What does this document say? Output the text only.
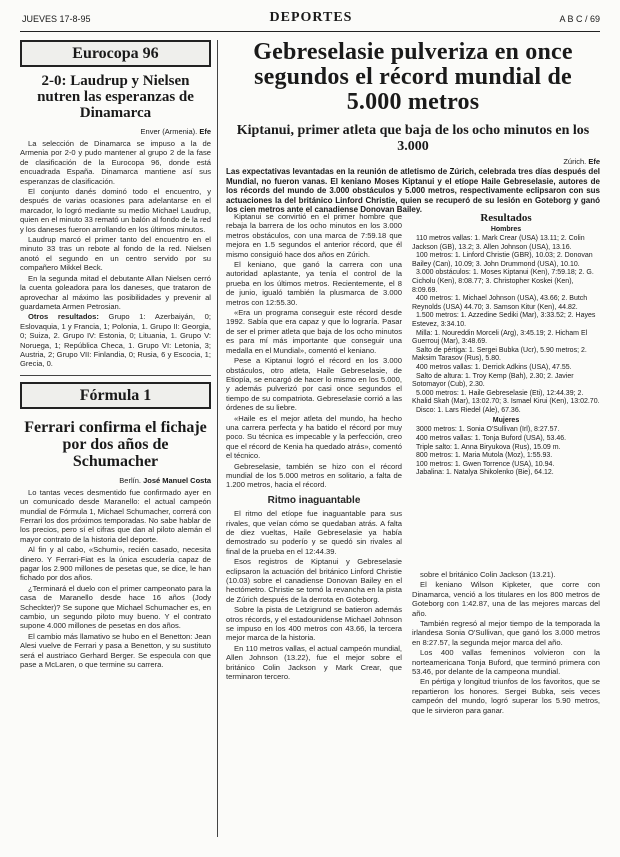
JUEVES 17-8-95	DEPORTES	A B C / 69
Eurocopa 96
2-0: Laudrup y Nielsen nutren las esperanzas de Dinamarca
Enver (Armenia). Efe

La selección de Dinamarca se impuso a la de Armenia por 2-0 y pudo mantener al grupo 2 de la fase de clasificación de la Eurocopa 96, donde está encuadrada España. Dinamarca mantiene así sus esperanzas de clasificación.

El conjunto danés dominó todo el encuentro, y después de varias ocasiones para adelantarse en el marcador, lo logró mediante su medio Michael Laudrup, quien en el minuto 33 remató un balón al fondo de la red y los daneses fueron arrollando en los últimos minutos.

Laudrup marcó el primer tanto del encuentro en el minuto 33 tras un rebote al fondo de la red. Nielsen anotó el segundo en un centro servido por su compañero Mikkel Beck.

En la segunda mitad el debutante Allan Nielsen cerró la cuenta goleadora para los daneses, que trataron de aprovechar al máximo las posibilidades y prevenir al guardameta Armen Petrosian.

Otros resultados: Grupo 1: Azerbaiyán, 0; Eslovaquia, 1 y Francia, 1; Polonia, 1. Grupo II: Georgia, 0; Suiza, 2. Grupo IV: Estonia, 0; Lituania, 1. Grupo V: Noruega, 1; República Checa, 1. Grupo VI: Letonia, 3; Austria, 2; Grupo VII: Finlandia, 0; Rusia, 6 y Escocia, 1; Grecia, 0.

Fórmula 1
Ferrari confirma el fichaje por dos años de Schumacher
Berlín. José Manuel Costa

Lo tantas veces desmentido fue confirmado ayer en un comunicado desde Maranello: el actual campeón mundial de Fórmula 1, Michael Schumacher, correrá con Ferrari los dos próximos temporadas. No sabe hablar de los precios, pero sí el cifras que dan al piloto alemán el mayor contrato de la historia del deporte.

Al fin y al cabo, «Schumi», recién casado, necesita dinero. Y Ferrari-Fiat es la única escudería capaz de pagar los 2.900 millones de pesetas que, se dice, le han fichado por dos años.

¿Terminará el duelo con el primer campeonato para la casa de Maranello desde hace 16 años (Jody Scheckter)? Se supone que Michael Schumacher es, en cambio, un segundo piloto muy bueno. Y el contrato supone 4.000 millones de pesetas en dos años.

El cambio más llamativo se hubo en el Benetton: Jean Alesi vuelve de Ferrari y pasa a Benetton, y su sustituto será el austriaco Gerhard Berger. Se especula con que pase a McLaren, o que termine su carrera.

Gebreselasie pulveriza en once segundos el récord mundial de 5.000 metros
Kiptanui, primer atleta que baja de los ocho minutos en los 3.000
Zúrich. Efe
Las expectativas levantadas en la reunión de atletismo de Zúrich, celebrada tres días después del Mundial, no fueron vanas. El keniano Moses Kiptanui y el etíope Haile Gebreselasie, autores de los récords del mundo de 3.000 obstáculos y 5.000 metros, respectivamente eclipsaron con sus actuaciones la del británico Linford Christie, quien se recuperó de su lesión en Goteborg y ganó los cien metros ante el canadiense Donovan Bailey.

Kiptanui se convirtió en el primer hombre que rebaja la barrera de los ocho minutos en los 3.000 metros obstáculos, con una marca de 7:59.18 que mejora en 1.5 segundos el anterior récord, que él mismo consiguió hace dos años en Zúrich.

El keniano, que ganó la carrera con una autoridad aplastante, ya tenía el control de la prueba en los últimos metros. Recientemente, el 8 de junio, igualó también la plusmarca de 3.000 metros con 12:55.30.

«Era un programa conseguir este récord desde 1992. Sabía que era capaz y que lo lograría. Pasar de ser el primer atleta que baja de los ocho minutos es para mí más importante que conseguir una medalla en el Mundial», comentó el keniano.

Pese a Kiptanui logró el récord en los 3.000 obstáculos, otro atleta, Haile Gebreselasie, de Etiopía, se encargó de hacer lo mismo en los 5.000, y además pulverizó por casi once segundos el tiempo de su compatriota. Gebreselasie corrió a las órdenes de su liebre.

«Haile es el mejor atleta del mundo, ha hecho una carrera perfecta y ha batido el récord por muy poco. Su técnica es impecable y la perfección, creo que el récord de Kenia ha quedado atrás», comentó el técnico.

Gebreselasie, también se hizo con el récord mundial de los 5.000 metros en solitario, a falta de 1.200 metros, hacia el récord.

Ritmo inaguantable

El ritmo del etíope fue inaguantable para sus rivales, que veían cómo se quedaban atrás. A falta de diez vueltas, Haile Gebreselasie ya había demostrado su poderío y se quedó sin rivales al final de la prueba en el 12:44.39.

Esos registros de Kiptanui y Gebreselasie eclipsaron la actuación del británico Linford Christie (10.03) sobre el canadiense Donovan Bailey en el hectómetro. Christie se tomó la revancha en la pista de Zúrich después de la derrota en Goteborg.

Sobre la pista de Letzigrund se batieron además otros récords, y el estadounidense Michael Johnson se impuso en los 400 metros con 43.66, la tercera mejor marca de la historia.

En 110 metros vallas, el actual campeón mundial, Allen Johnson (13.22), fue el mejor sobre el británico Colin Jackson y Mark Crear, que terminaron tercero.

Resultados
Hombres
110 metros vallas: 1. Mark Crear (USA) 13.11; 2. Colin Jackson (GB), 13.2; 3. Allen Johnson (USA), 13.16.
100 metros: 1. Linford Christie (GBR), 10.03; 2. Donovan Bailey (Can), 10.09; 3. John Drummond (USA), 10.10.
3.000 obstáculos: 1. Moses Kiptanui (Ken), 7:59.18; 2. G. Cicholu (Ken), 8:08.77; 3. Christopher Koskei (Ken), 8:09.69.
400 metros: 1. Michael Johnson (USA), 43.66; 2. Butch Reynolds (USA) 44.70; 3. Samson Kitur (Ken), 44.82.
1.500 metros: 1. Azzedine Sediki (Mar), 3:33.52; 2. Hayes Estevez, 3:34.10.
Milla: 1. Noureddin Morceli (Arg), 3:45.19; 2. Hicham El Guerrouj (Mar), 3:48.69.
Salto de pértiga: 1. Sergei Bubka (Ucr), 5.90 metros; 2. Maksim Tarasov (Rus), 5.80.
400 metros vallas: 1. Derrick Adkins (USA), 47.55.
Salto de altura: 1. Troy Kemp (Bah), 2.30; 2. Javier Sotomayor (Cub), 2.30.
5.000 metros: 1. Haile Gebreselasie (Eti), 12:44.39; 2. Khalid Skah (Mar), 13:02.70; 3. Ismael Kirui (Ken), 13:02.70.
Disco: 1. Lars Riedel (Ale), 67.36.
Mujeres
3000 metros: 1. Sonia O'Sullivan (Irl), 8:27.57.
400 metros vallas: 1. Tonja Buford (USA), 53.46.
Triple salto: 1. Anna Biryukova (Rus), 15.09 m.
800 metros: 1. Maria Mutola (Moz), 1:55.93.
100 metros: 1. Gwen Torrence (USA), 10.94.
Jabalina: 1. Natalya Shikolenko (Bie), 64.12.

sobre el británico Colin Jackson (13.21).

El keniano Wilson Kipketer, que corre con Dinamarca, venció a los titulares en los 800 metros de Goteborg con 1:42.87, una de las mejores marcas del año.

También regresó al mejor tiempo de la temporada la irlandesa Sonia O'Sullivan, que ganó los 3.000 metros en 8:27.57, la segunda mejor marca del año.

Los 400 vallas femeninos volvieron con la norteamericana Tonja Buford, que terminó primera con 53.46, por delante de la campeona mundial.

En pértiga y longitud triunfos de los favoritos, que se repartieron los honores. Sergei Bubka, seis veces campeón del mundo, logró superar los 5.90 metros, que le sirvieron para ganar.
